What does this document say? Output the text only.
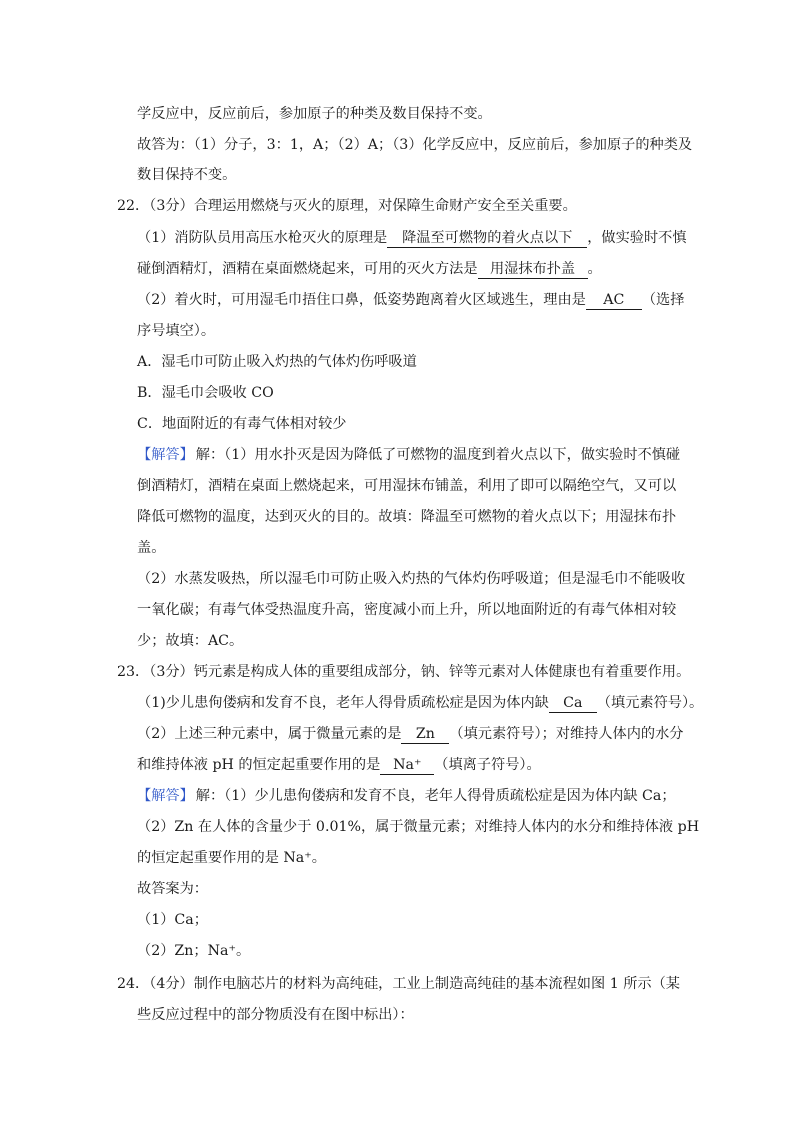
学反应中，反应前后，参加原子的种类及数目保持不变。
故答为：（1）分子，3：1，A；（2）A；（3）化学反应中，反应前后，参加原子的种类及
数目保持不变。
22．（3分）合理运用燃烧与灭火的原理，对保障生命财产安全至关重要。
（1）消防队员用高压水枪灭火的原理是 降温至可燃物的着火点以下 ，做实验时不慎
碰倒酒精灯，酒精在桌面燃烧起来，可用的灭火方法是 用湿抹布扑盖 。
（2）着火时，可用湿毛巾捂住口鼻，低姿势跑离着火区域逃生，理由是 AC （选择
序号填空）。
A．湿毛巾可防止吸入灼热的气体灼伤呼吸道
B．湿毛巾会吸收 CO
C．地面附近的有毒气体相对较少
【解答】 解：（1）用水扑灭是因为降低了可燃物的温度到着火点以下，做实验时不慎碰
倒酒精灯，酒精在桌面上燃烧起来，可用湿抹布铺盖，利用了即可以隔绝空气，又可以
降低可燃物的温度，达到灭火的目的。故填：降温至可燃物的着火点以下；用湿抹布扑
盖。
（2）水蒸发吸热，所以湿毛巾可防止吸入灼热的气体灼伤呼吸道；但是湿毛巾不能吸收
一氧化碳；有毒气体受热温度升高，密度减小而上升，所以地面附近的有毒气体相对较
少；故填：AC。
23．（3分）钙元素是构成人体的重要组成部分，钠、锌等元素对人体健康也有着重要作用。
（1)少儿患佝偻病和发育不良，老年人得骨质疏松症是因为体内缺 Ca （填元素符号）。
（2）上述三种元素中，属于微量元素的是 Zn （填元素符号）；对维持人体内的水分
和维持体液 pH 的恒定起重要作用的是 Na⁺ （填离子符号）。
【解答】 解：（1）少儿患佝偻病和发育不良，老年人得骨质疏松症是因为体内缺 Ca；
（2）Zn 在人体的含量少于 0.01%，属于微量元素；对维持人体内的水分和维持体液 pH
的恒定起重要作用的是 Na⁺。
故答案为：
（1）Ca；
（2）Zn；Na⁺。
24．（4分）制作电脑芯片的材料为高纯硅，工业上制造高纯硅的基本流程如图 1 所示（某
些反应过程中的部分物质没有在图中标出）：
